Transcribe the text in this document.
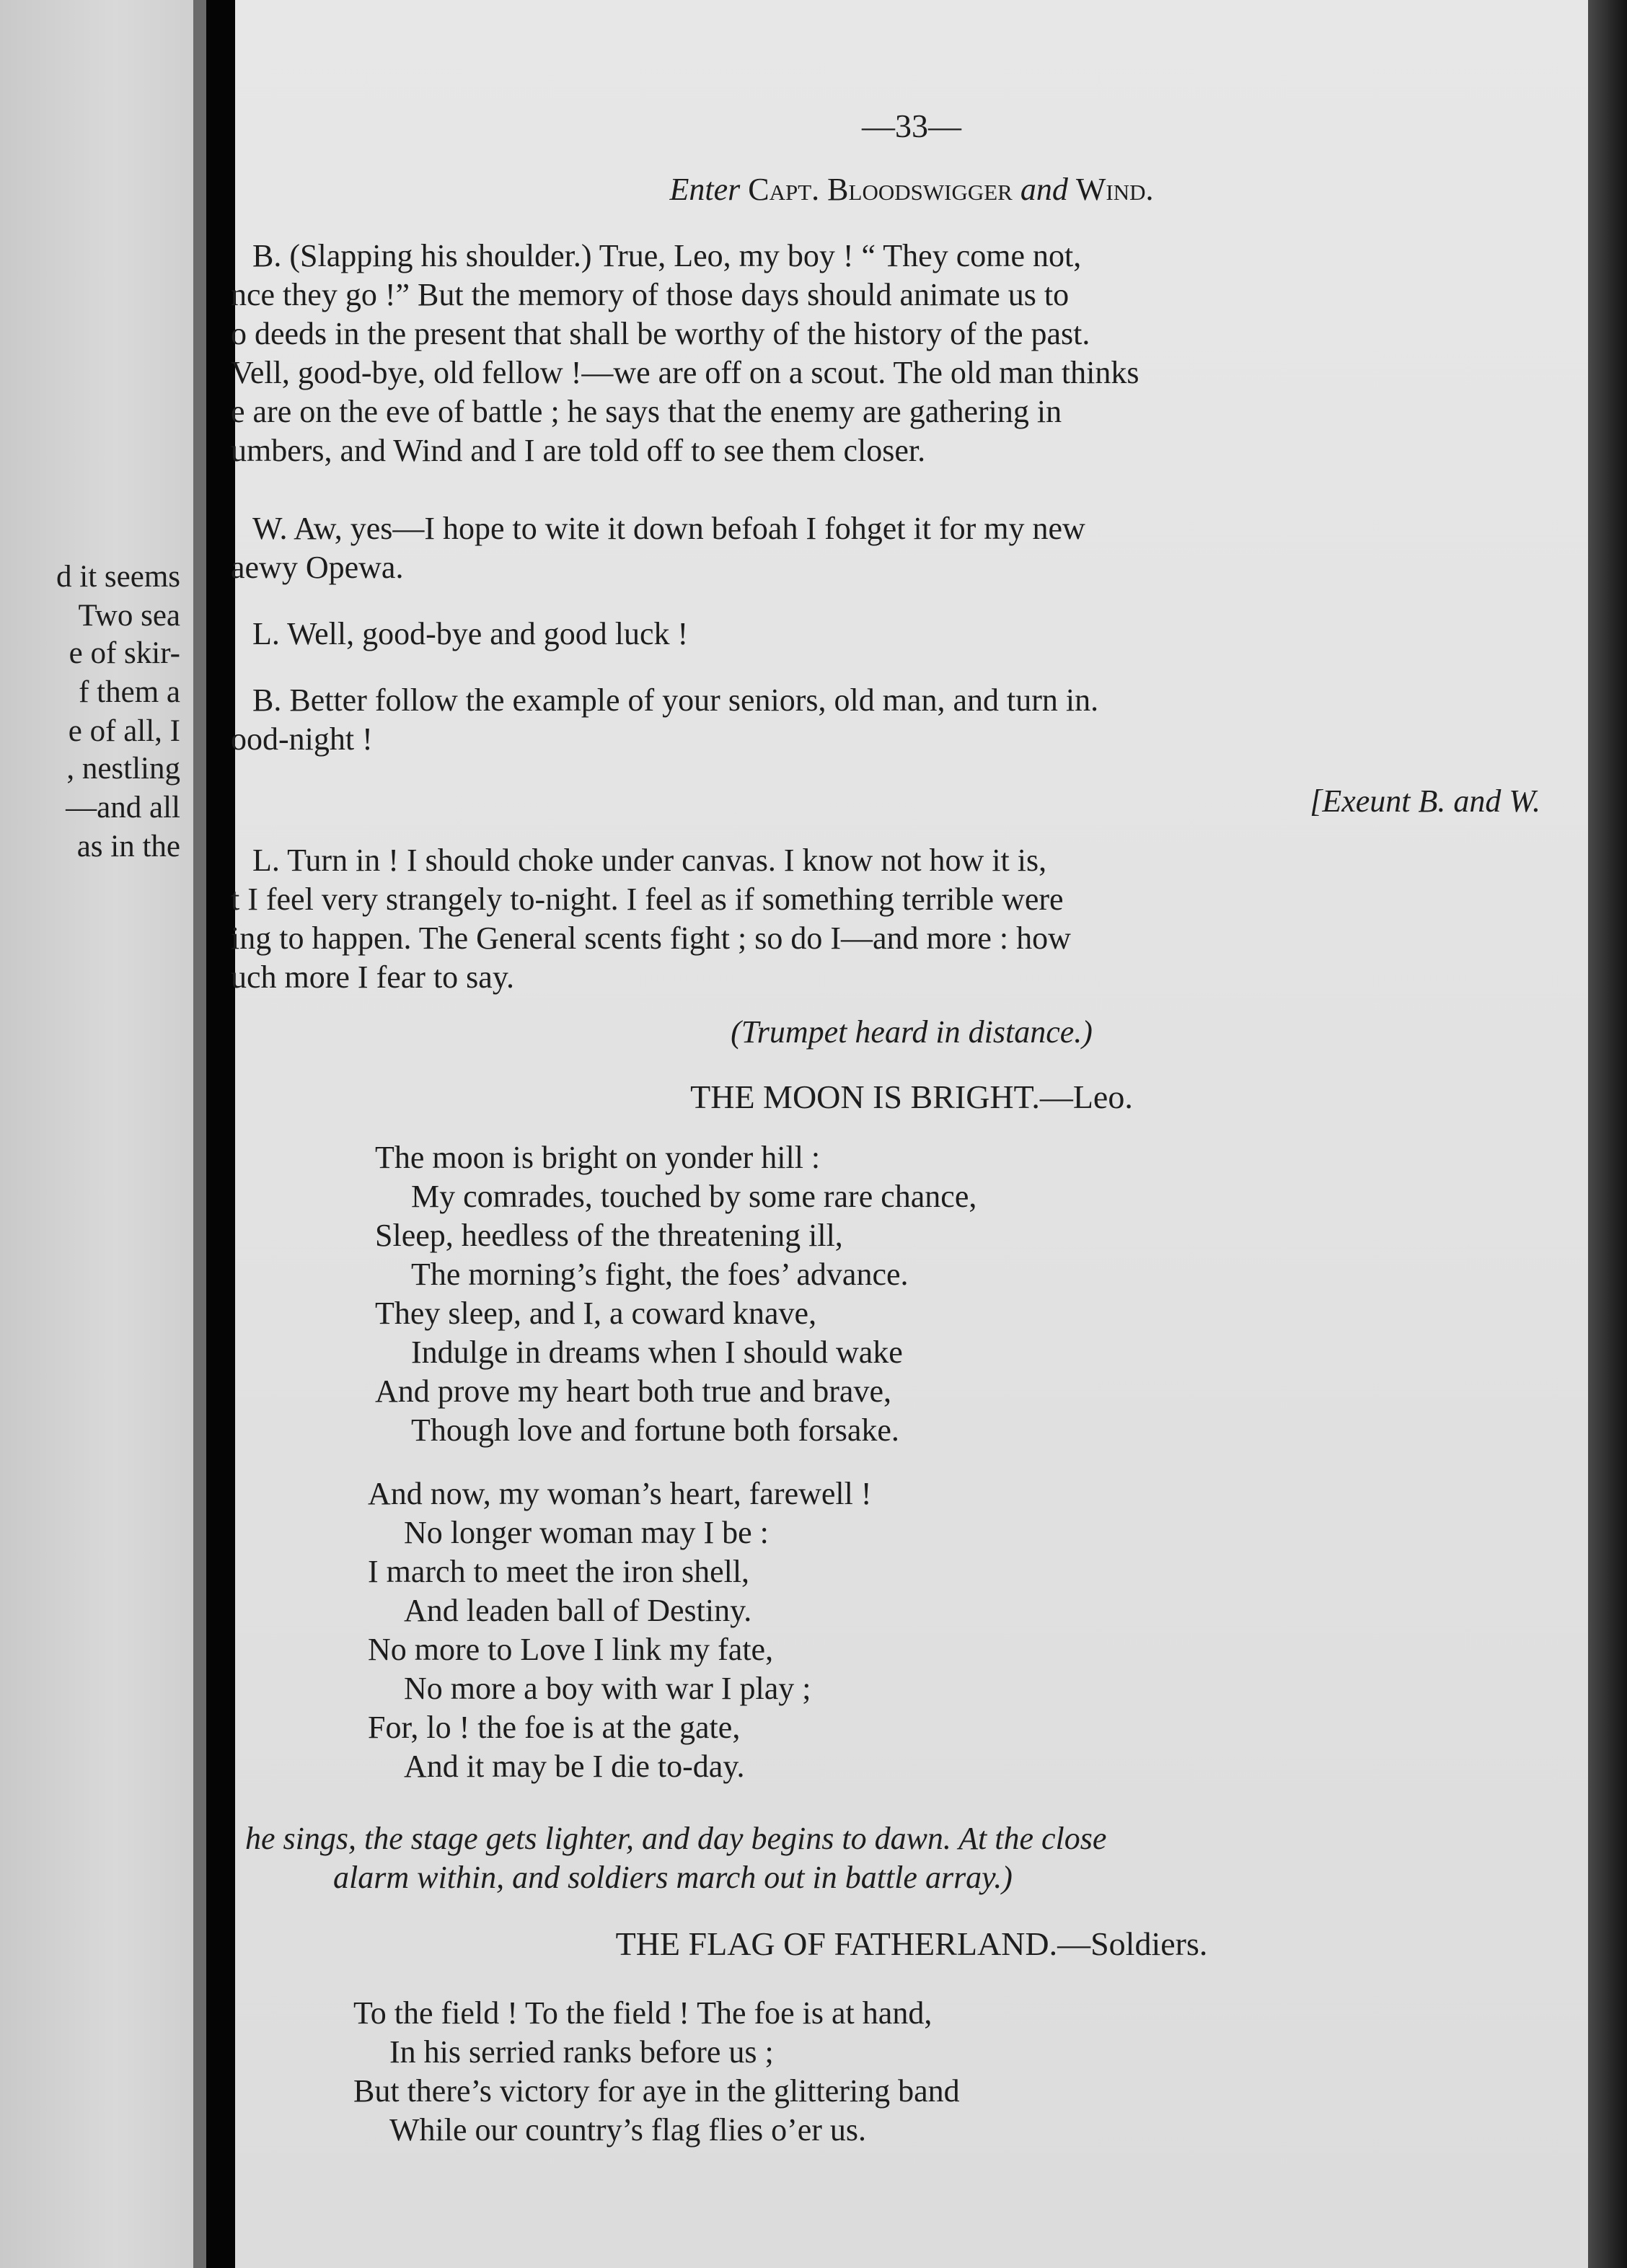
d it seems
Two sea
e of skir-
f them a
e of all, I
, nestling
—and all
as in the
—33—
Enter Capt. Bloodswigger and Wind.
B. (Slapping his shoulder.) True, Leo, my boy ! “ They come not,
nce they go !” But the memory of those days should animate us to
o deeds in the present that shall be worthy of the history of the past.
Vell, good-bye, old fellow !—we are off on a scout. The old man thinks
e are on the eve of battle ; he says that the enemy are gathering in
umbers, and Wind and I are told off to see them closer.
W. Aw, yes—I hope to wite it down befoah I fohget it for my new
aewy Opewa.
L. Well, good-bye and good luck !
B. Better follow the example of your seniors, old man, and turn in.
ood-night !
[Exeunt B. and W.
L. Turn in ! I should choke under canvas. I know not how it is,
t I feel very strangely to-night. I feel as if something terrible were
ing to happen. The General scents fight ; so do I—and more : how
uch more I fear to say.
(Trumpet heard in distance.)
THE MOON IS BRIGHT.—Leo.
The moon is bright on yonder hill :
My comrades, touched by some rare chance,
Sleep, heedless of the threatening ill,
The morning’s fight, the foes’ advance.
They sleep, and I, a coward knave,
Indulge in dreams when I should wake
And prove my heart both true and brave,
Though love and fortune both forsake.
And now, my woman’s heart, farewell !
No longer woman may I be :
I march to meet the iron shell,
And leaden ball of Destiny.
No more to Love I link my fate,
No more a boy with war I play ;
For, lo ! the foe is at the gate,
And it may be I die to-day.
he sings, the stage gets lighter, and day begins to dawn. At the close
alarm within, and soldiers march out in battle array.)
THE FLAG OF FATHERLAND.—Soldiers.
To the field ! To the field ! The foe is at hand,
In his serried ranks before us ;
But there’s victory for aye in the glittering band
While our country’s flag flies o’er us.
